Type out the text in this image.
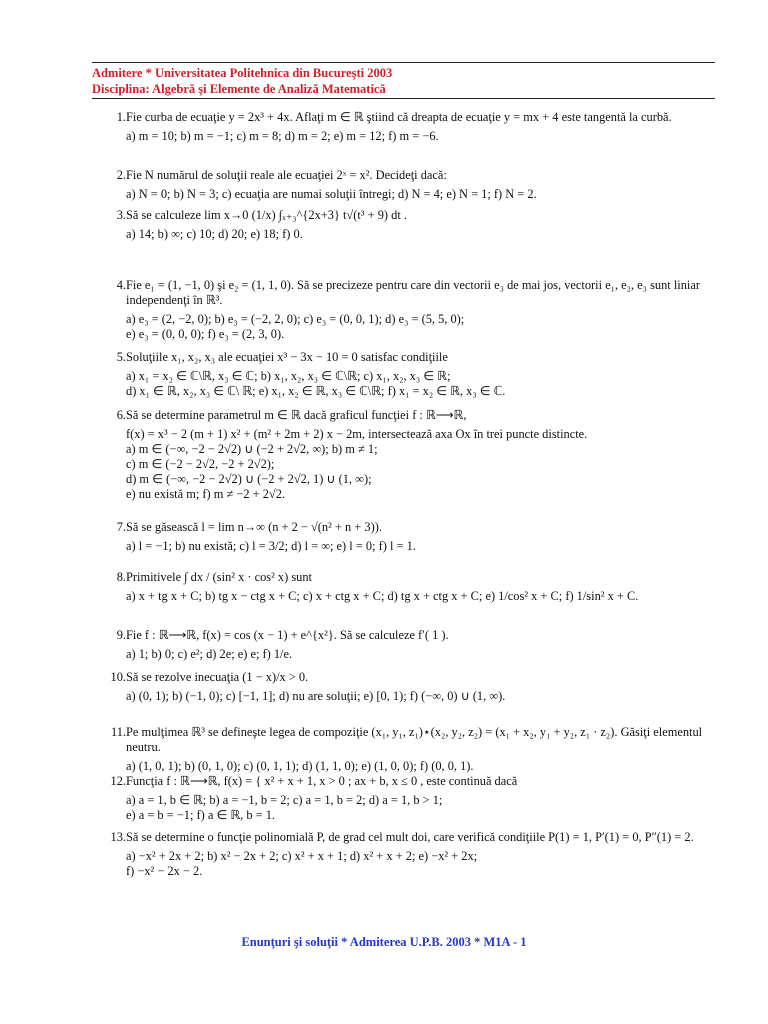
Admitere * Universitatea Politehnica din Bucureşti 2003
Disciplina: Algebră şi Elemente de Analiză Matematică
1. Fie curba de ecuaţie y = 2x³ + 4x. Aflaţi m ∈ ℝ ştiind că dreapta de ecuaţie y = mx + 4 este tangentă la curbă.
a) m = 10; b) m = −1; c) m = 8; d) m = 2; e) m = 12; f) m = −6.
2. Fie N numărul de soluţii reale ale ecuaţiei 2ˣ = x². Decideţi dacă:
a) N = 0; b) N = 3; c) ecuaţia are numai soluţii întregi; d) N = 4; e) N = 1; f) N = 2.
3. Să se calculeze lim x→0 (1/x) ∫ₓ₊₃^{2x+3} t√(t³ + 9) dt .
a) 14; b) ∞; c) 10; d) 20; e) 18; f) 0.
4. Fie e₁ = (1, −1, 0) şi e₂ = (1, 1, 0). Să se precizeze pentru care din vectorii e₃ de mai jos, vectorii e₁, e₂, e₃ sunt liniar independenţi în ℝ³.
a) e₃ = (2, −2, 0); b) e₃ = (−2, 2, 0); c) e₃ = (0, 0, 1); d) e₃ = (5, 5, 0);
e) e₃ = (0, 0, 0); f) e₃ = (2, 3, 0).
5. Soluţiile x₁, x₂, x₃ ale ecuaţiei x³ − 3x − 10 = 0 satisfac condiţiile
a) x₁ = x₂ ∈ ℂ\ℝ, x₃ ∈ ℂ; b) x₁, x₂, x₃ ∈ ℂ\ℝ; c) x₁, x₂, x₃ ∈ ℝ;
d) x₁ ∈ ℝ, x₂, x₃ ∈ ℂ\ ℝ; e) x₁, x₂ ∈ ℝ, x₃ ∈ ℂ\ℝ; f) x₁ = x₂ ∈ ℝ, x₃ ∈ ℂ.
6. Să se determine parametrul m ∈ ℝ dacă graficul funcţiei f : ℝ⟶ℝ,
f(x) = x³ − 2 (m + 1) x² + (m² + 2m + 2) x − 2m, intersectează axa Ox în trei puncte distincte.
a) m ∈ (−∞, −2 − 2√2) ∪ (−2 + 2√2, ∞); b) m ≠ 1;
c) m ∈ (−2 − 2√2, −2 + 2√2);
d) m ∈ (−∞, −2 − 2√2) ∪ (−2 + 2√2, 1) ∪ (1, ∞);
e) nu există m; f) m ≠ −2 + 2√2.
7. Să se găsească l = lim n→∞ (n + 2 − √(n² + n + 3)).
a) l = −1; b) nu există; c) l = 3/2; d) l = ∞; e) l = 0; f) l = 1.
8. Primitivele ∫ dx / (sin² x · cos² x) sunt
a) x + tg x + C; b) tg x − ctg x + C; c) x + ctg x + C; d) tg x + ctg x + C; e) 1/cos² x + C; f) 1/sin² x + C.
9. Fie f : ℝ⟶ℝ, f(x) = cos (x − 1) + e^{x²}. Să se calculeze f′( 1 ).
a) 1; b) 0; c) e²; d) 2e; e) e; f) 1/e.
10. Să se rezolve inecuaţia (1 − x)/x > 0.
a) (0, 1); b) (−1, 0); c) [−1, 1]; d) nu are soluţii; e) [0, 1); f) (−∞, 0) ∪ (1, ∞).
11. Pe mulţimea ℝ³ se defineşte legea de compoziţie (x₁, y₁, z₁)⋆(x₂, y₂, z₂) = (x₁ + x₂, y₁ + y₂, z₁ · z₂). Găsiţi elementul neutru.
a) (1, 0, 1); b) (0, 1, 0); c) (0, 1, 1); d) (1, 1, 0); e) (1, 0, 0); f) (0, 0, 1).
12. Funcţia f : ℝ⟶ℝ, f(x) = { x² + x + 1, x > 0 ; ax + b, x ≤ 0 , este continuă dacă
a) a = 1, b ∈ ℝ; b) a = −1, b = 2; c) a = 1, b = 2; d) a = 1, b > 1;
e) a = b = −1; f) a ∈ ℝ, b = 1.
13. Să se determine o funcţie polinomială P, de grad cel mult doi, care verifică condiţiile P(1) = 1, P′(1) = 0, P″(1) = 2.
a) −x² + 2x + 2; b) x² − 2x + 2; c) x² + x + 1; d) x² + x + 2; e) −x² + 2x;
f) −x² − 2x − 2.
Enunţuri şi soluţii * Admiterea U.P.B. 2003 * M1A - 1
